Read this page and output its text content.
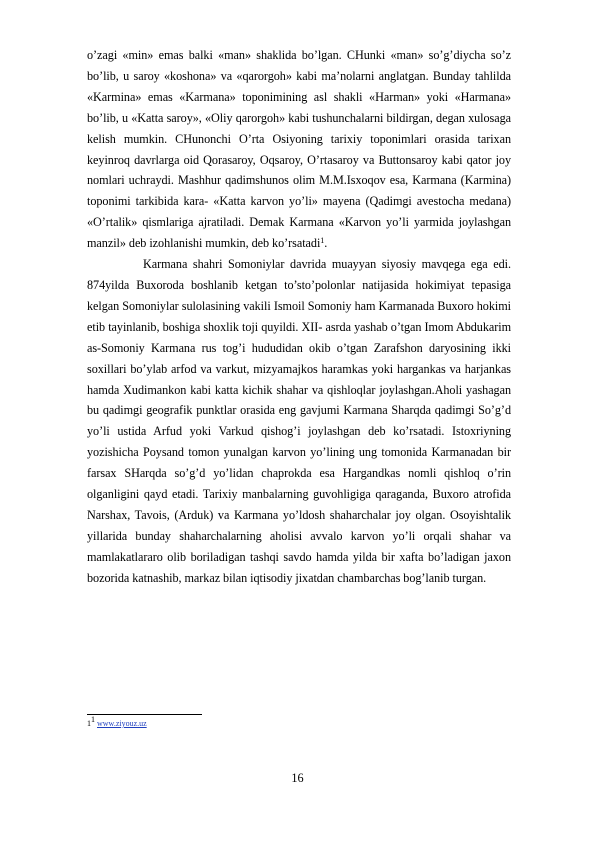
o’zagi «min» emas balki «man» shaklida bo’lgan. CHunki «man» so’g’diycha so’z bo’lib, u saroy «koshona» va «qarorgoh» kabi ma’nolarni anglatgan. Bunday tahlilda «Karmina» emas «Karmana» toponimining asl shakli «Harman» yoki «Harmana» bo’lib, u «Katta saroy», «Oliy qarorgoh» kabi tushunchalarni bildirgan, degan xulosaga kelish mumkin. CHunonchi O’rta Osiyoning tarixiy toponimlari orasida tarixan keyinroq davrlarga oid Qorasaroy, Oqsaroy, O’rtasaroy va Buttonsaroy kabi qator joy nomlari uchraydi. Mashhur qadimshunos olim M.M.Isxoqov esa, Karmana (Karmina) toponimi tarkibida kara- «Katta karvon yo’li» mayena (Qadimgi avestocha medana) «O’rtalik» qismlariga ajratiladi. Demak Karmana «Karvon yo’li yarmida joylashgan manzil» deb izohlanishi mumkin, deb ko’rsatadi$^1$.

Karmana shahri Somoniylar davrida muayyan siyosiy mavqega ega edi. 874yilda Buxoroda boshlanib ketgan to’sto’polonlar natijasida hokimiyat tepasiga kelgan Somoniylar sulolasining vakili Ismoil Somoniy ham Karmanada Buxoro hokimi etib tayinlanib, boshiga shoxlik toji quyildi. XII- asrda yashab o’tgan Imom Abdukarim as-Somoniy Karmana rus tog’i hududidan okib o’tgan Zarafshon daryosining ikki soxillari bo’ylab arfod va varkut, mizyamajkos haramkas yoki hargankas va harjankas hamda Xudimankon kabi katta kichik shahar va qishloqlar joylashgan.Aholi yashagan bu qadimgi geografik punktlar orasida eng gavjumi Karmana Sharqda qadimgi So’g’d yo’li ustida Arfud yoki Varkud qishog’i joylashgan deb ko’rsatadi. Istoxriyning yozishicha Poysand tomon yunalgan karvon yo’lining ung tomonida Karmanadan bir farsax SHarqda so’g’d yo’lidan chaprokda esa Hargandkas nomli qishloq o’rin olganligini qayd etadi. Tarixiy manbalarning guvohligiga qaraganda, Buxoro atrofida Narshax, Tavois, (Arduk) va Karmana yo’ldosh shaharchalar joy olgan. Osoyishtalik yillarida bunday shaharchalarning aholisi avvalo karvon yo’li orqali shahar va mamlakatlararo olib boriladigan tashqi savdo hamda yilda bir xafta bo’ladigan jaxon bozorida katnashib, markaz bilan iqtisodiy jixatdan chambarchas bog’lanib turgan.

$1^1$ www.ziyouz.uz
16
